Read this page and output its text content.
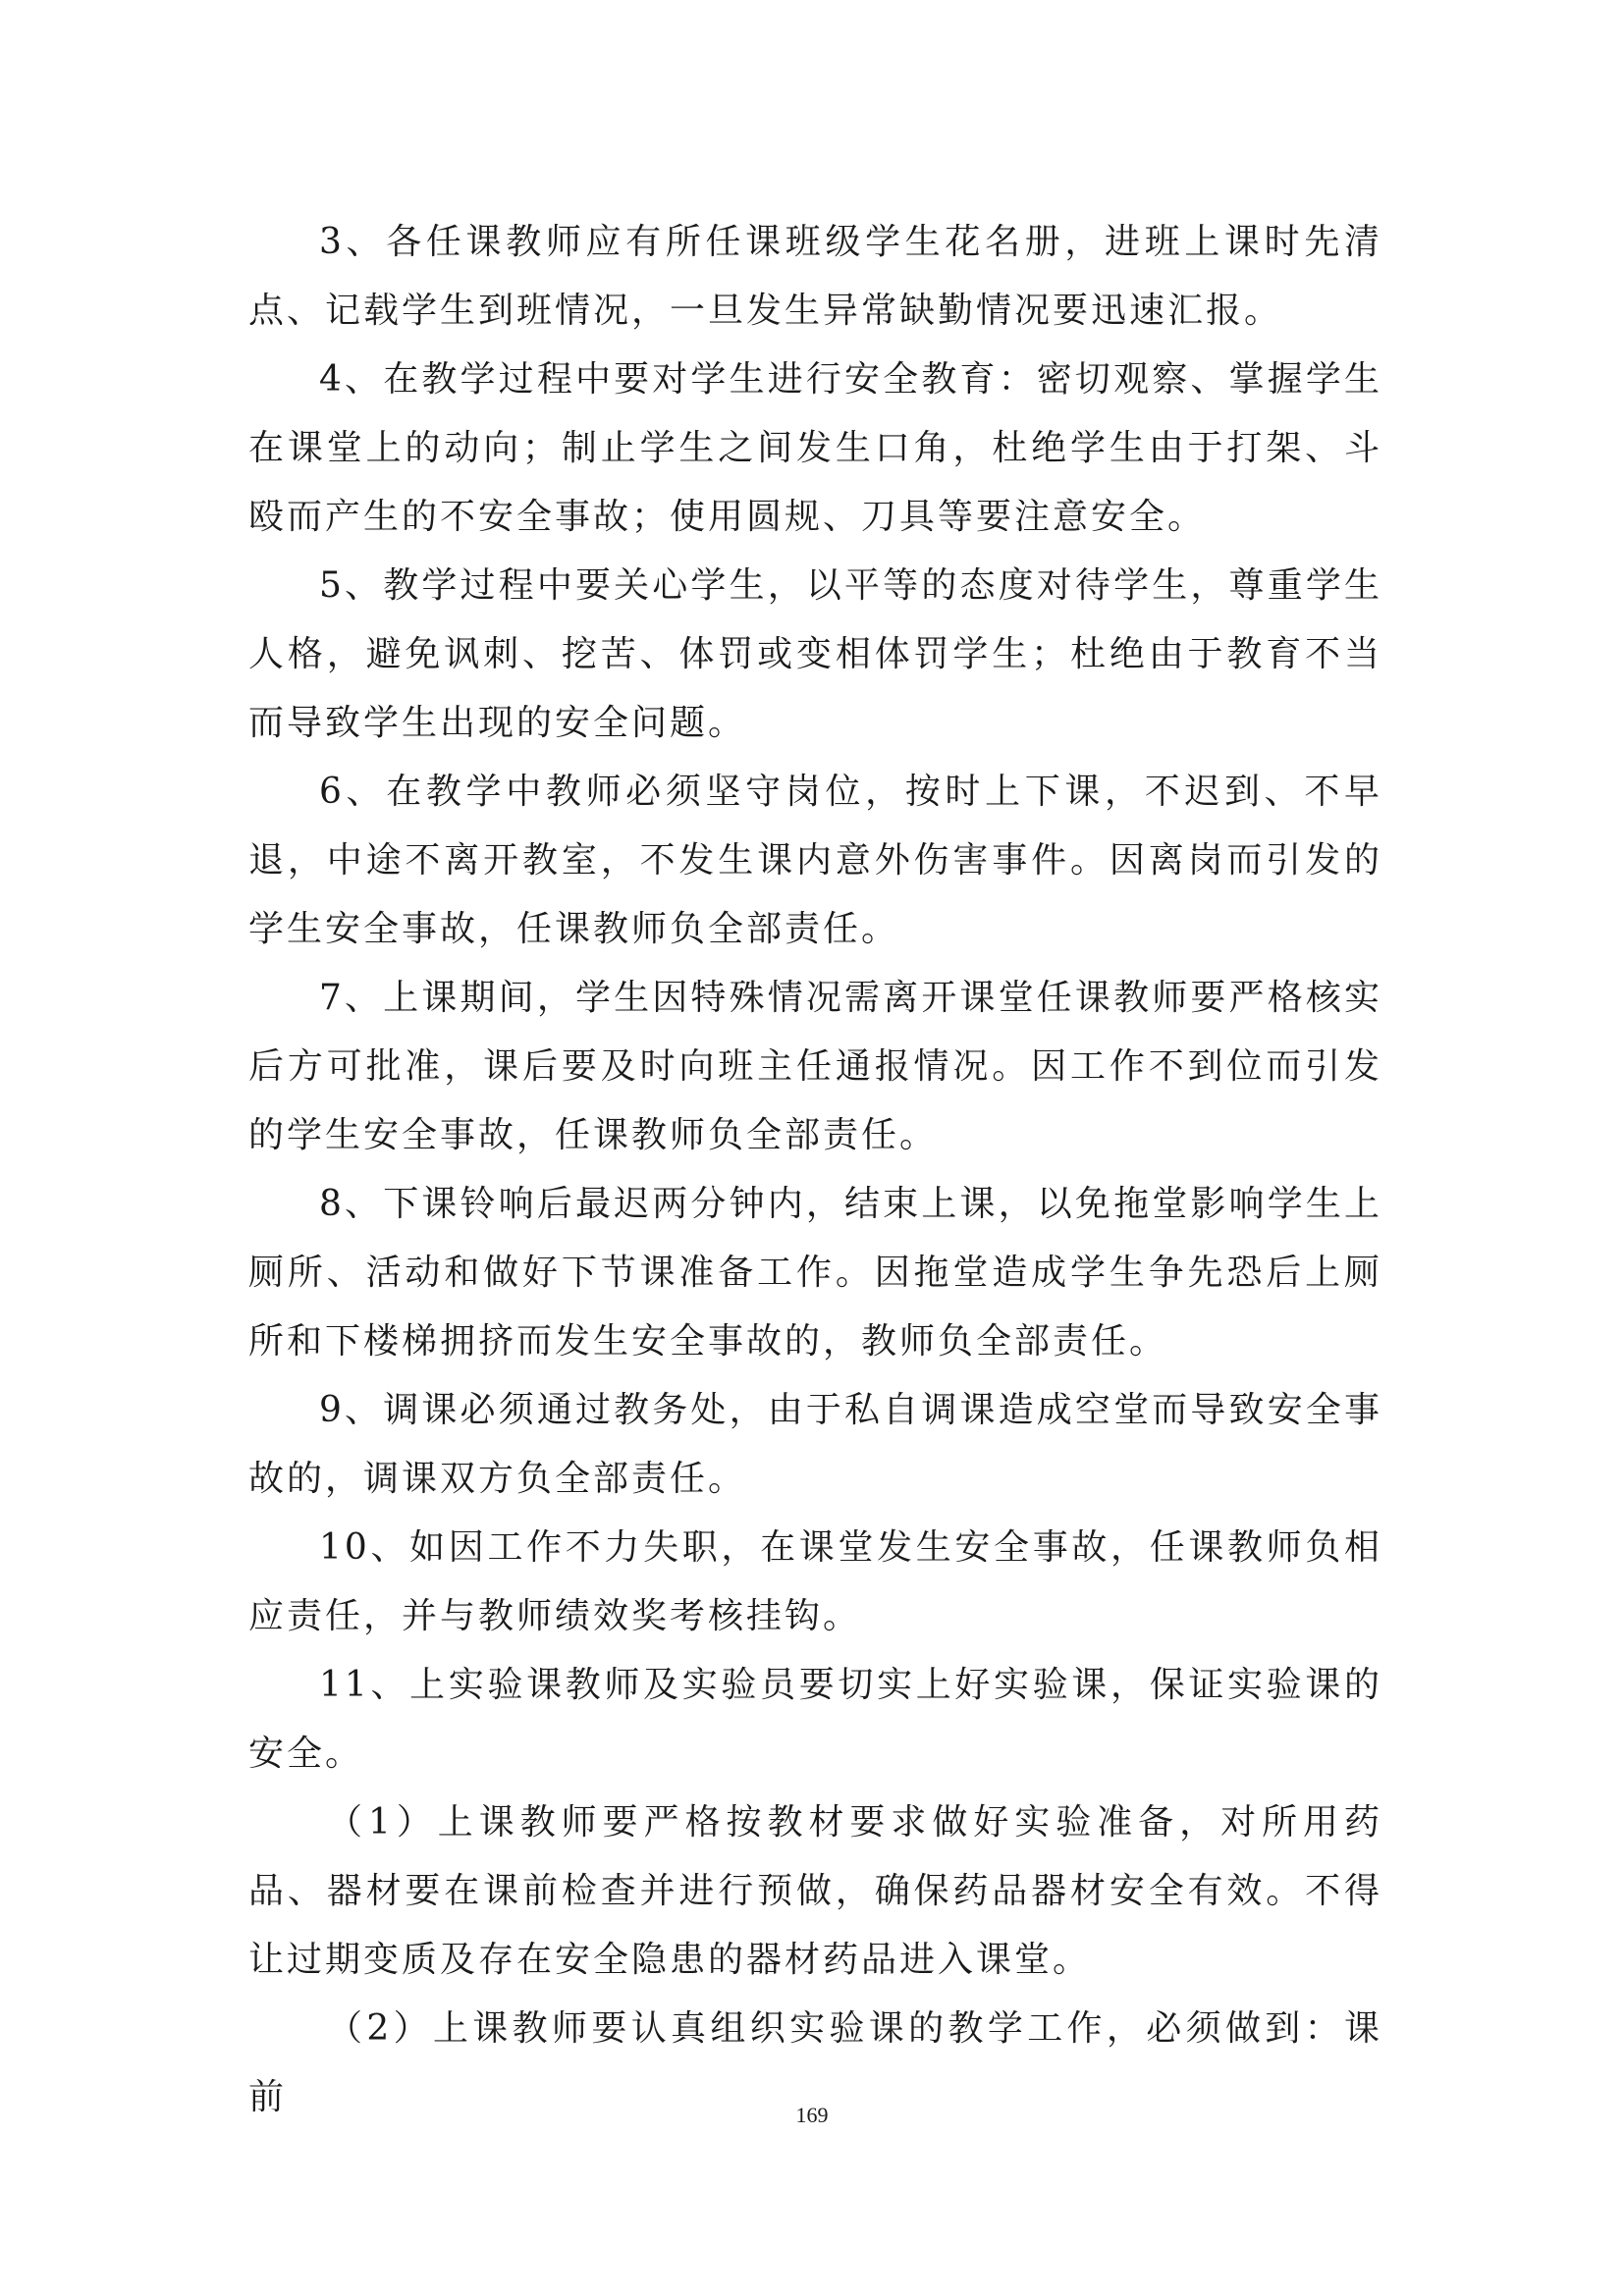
3、各任课教师应有所任课班级学生花名册，进班上课时先清点、记载学生到班情况，一旦发生异常缺勤情况要迅速汇报。

4、在教学过程中要对学生进行安全教育：密切观察、掌握学生在课堂上的动向；制止学生之间发生口角，杜绝学生由于打架、斗殴而产生的不安全事故；使用圆规、刀具等要注意安全。

5、教学过程中要关心学生，以平等的态度对待学生，尊重学生人格，避免讽刺、挖苦、体罚或变相体罚学生；杜绝由于教育不当而导致学生出现的安全问题。

6、在教学中教师必须坚守岗位，按时上下课，不迟到、不早退，中途不离开教室，不发生课内意外伤害事件。因离岗而引发的学生安全事故，任课教师负全部责任。

7、上课期间，学生因特殊情况需离开课堂任课教师要严格核实后方可批准，课后要及时向班主任通报情况。因工作不到位而引发的学生安全事故，任课教师负全部责任。

8、下课铃响后最迟两分钟内，结束上课，以免拖堂影响学生上厕所、活动和做好下节课准备工作。因拖堂造成学生争先恐后上厕所和下楼梯拥挤而发生安全事故的，教师负全部责任。

9、调课必须通过教务处，由于私自调课造成空堂而导致安全事故的，调课双方负全部责任。

10、如因工作不力失职，在课堂发生安全事故，任课教师负相应责任，并与教师绩效奖考核挂钩。

11、上实验课教师及实验员要切实上好实验课，保证实验课的安全。

（1）上课教师要严格按教材要求做好实验准备，对所用药品、器材要在课前检查并进行预做，确保药品器材安全有效。不得让过期变质及存在安全隐患的器材药品进入课堂。

（2）上课教师要认真组织实验课的教学工作，必须做到：课前	169
